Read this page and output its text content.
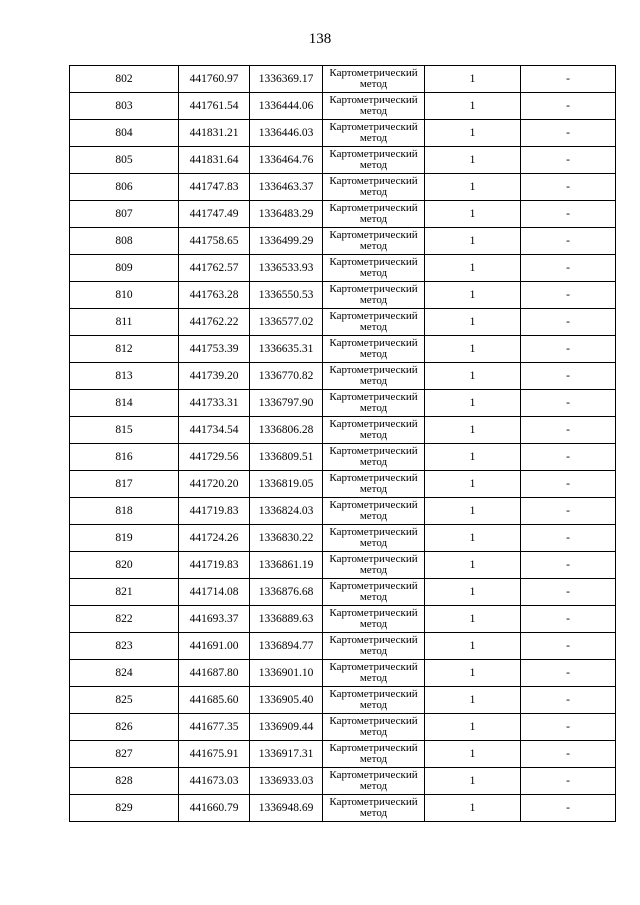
138
802	441760.97	1336369.17	Картометрический метод	1	-
803	441761.54	1336444.06	Картометрический метод	1	-
804	441831.21	1336446.03	Картометрический метод	1	-
805	441831.64	1336464.76	Картометрический метод	1	-
806	441747.83	1336463.37	Картометрический метод	1	-
807	441747.49	1336483.29	Картометрический метод	1	-
808	441758.65	1336499.29	Картометрический метод	1	-
809	441762.57	1336533.93	Картометрический метод	1	-
810	441763.28	1336550.53	Картометрический метод	1	-
811	441762.22	1336577.02	Картометрический метод	1	-
812	441753.39	1336635.31	Картометрический метод	1	-
813	441739.20	1336770.82	Картометрический метод	1	-
814	441733.31	1336797.90	Картометрический метод	1	-
815	441734.54	1336806.28	Картометрический метод	1	-
816	441729.56	1336809.51	Картометрический метод	1	-
817	441720.20	1336819.05	Картометрический метод	1	-
818	441719.83	1336824.03	Картометрический метод	1	-
819	441724.26	1336830.22	Картометрический метод	1	-
820	441719.83	1336861.19	Картометрический метод	1	-
821	441714.08	1336876.68	Картометрический метод	1	-
822	441693.37	1336889.63	Картометрический метод	1	-
823	441691.00	1336894.77	Картометрический метод	1	-
824	441687.80	1336901.10	Картометрический метод	1	-
825	441685.60	1336905.40	Картометрический метод	1	-
826	441677.35	1336909.44	Картометрический метод	1	-
827	441675.91	1336917.31	Картометрический метод	1	-
828	441673.03	1336933.03	Картометрический метод	1	-
829	441660.79	1336948.69	Картометрический метод	1	-
